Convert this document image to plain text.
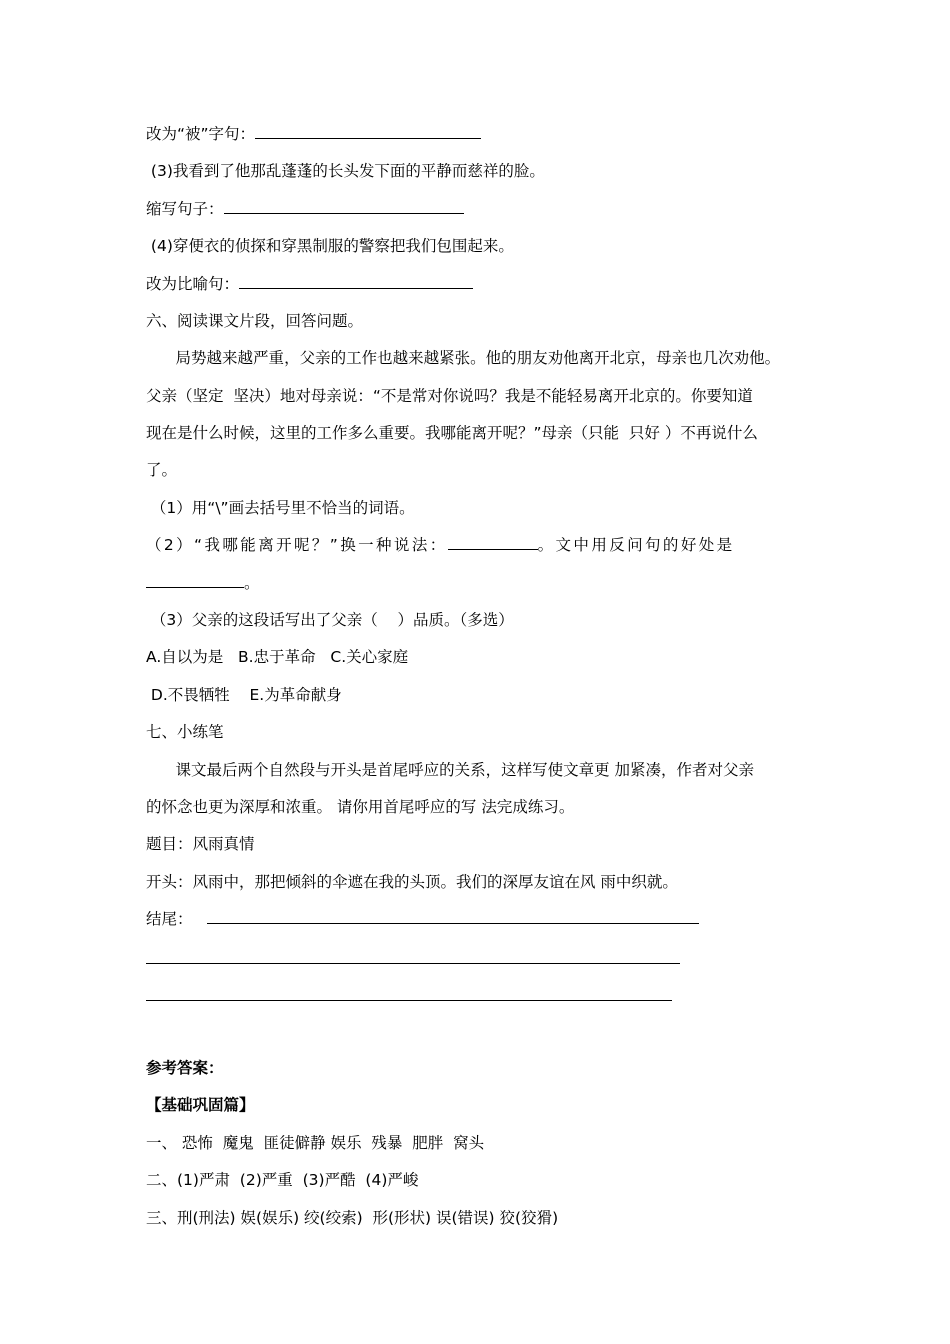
改为“被”字句：
(3)我看到了他那乱蓬蓬的长头发下面的平静而慈祥的脸。
缩写句子：
(4)穿便衣的侦探和穿黑制服的警察把我们包围起来。
改为比喻句：
六、阅读课文片段，回答问题。
局势越来越严重，父亲的工作也越来越紧张。他的朋友劝他离开北京，母亲也几次劝他。
父亲（坚定  坚决）地对母亲说：“不是常对你说吗？我是不能轻易离开北京的。你要知道
现在是什么时候，这里的工作多么重要。我哪能离开呢？”母亲（只能  只好 ）不再说什么
了。
（1）用“\”画去括号里不恰当的词语。
（2）“我哪能离开呢？”换一种说法：	。文中用反问句的好处是
。
（3）父亲的这段话写出了父亲（    ）品质。（多选）
A.自以为是   B.忠于革命   C.关心家庭
D.不畏牺牲    E.为革命献身
七、小练笔
课文最后两个自然段与开头是首尾呼应的关系，这样写使文章更 加紧凑，作者对父亲
的怀念也更为深厚和浓重。 请你用首尾呼应的写 法完成练习。
题目：风雨真情
开头：风雨中，那把倾斜的伞遮在我的头顶。我们的深厚友谊在风 雨中织就。
结尾：
参考答案：
【基础巩固篇】
一、 恐怖  魔鬼  匪徒僻静 娱乐  残暴  肥胖  窝头
二、(1)严肃  (2)严重  (3)严酷  (4)严峻
三、刑(刑法) 娱(娱乐) 绞(绞索)  形(形状) 误(错误) 狡(狡猾)
